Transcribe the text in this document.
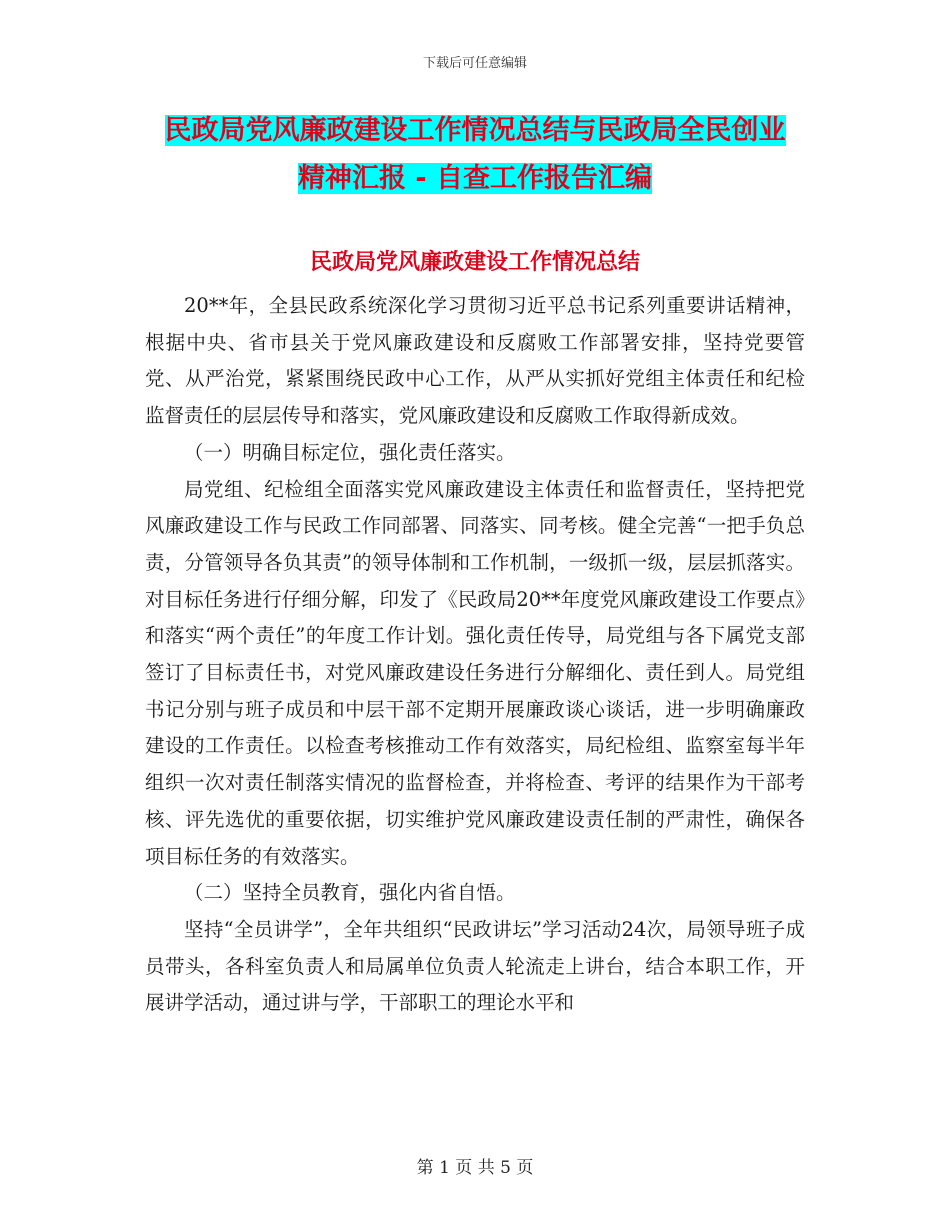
下载后可任意编辑
民政局党风廉政建设工作情况总结与民政局全民创业
精神汇报 - 自查工作报告汇编
民政局党风廉政建设工作情况总结

20**年，全县民政系统深化学习贯彻习近平总书记系列重要讲话精神，根据中央、省市县关于党风廉政建设和反腐败工作部署安排，坚持党要管党、从严治党，紧紧围绕民政中心工作，从严从实抓好党组主体责任和纪检监督责任的层层传导和落实，党风廉政建设和反腐败工作取得新成效。

（一）明确目标定位，强化责任落实。

局党组、纪检组全面落实党风廉政建设主体责任和监督责任，坚持把党风廉政建设工作与民政工作同部署、同落实、同考核。健全完善“一把手负总责，分管领导各负其责”的领导体制和工作机制，一级抓一级，层层抓落实。对目标任务进行仔细分解，印发了《民政局20**年度党风廉政建设工作要点》和落实“两个责任”的年度工作计划。强化责任传导，局党组与各下属党支部签订了目标责任书，对党风廉政建设任务进行分解细化、责任到人。局党组书记分别与班子成员和中层干部不定期开展廉政谈心谈话，进一步明确廉政建设的工作责任。以检查考核推动工作有效落实，局纪检组、监察室每半年组织一次对责任制落实情况的监督检查，并将检查、考评的结果作为干部考核、评先选优的重要依据，切实维护党风廉政建设责任制的严肃性，确保各项目标任务的有效落实。

（二）坚持全员教育，强化内省自悟。

坚持“全员讲学”，全年共组织“民政讲坛”学习活动24次，局领导班子成员带头，各科室负责人和局属单位负责人轮流走上讲台，结合本职工作，开展讲学活动，通过讲与学，干部职工的理论水平和

第 1 页 共 5 页
